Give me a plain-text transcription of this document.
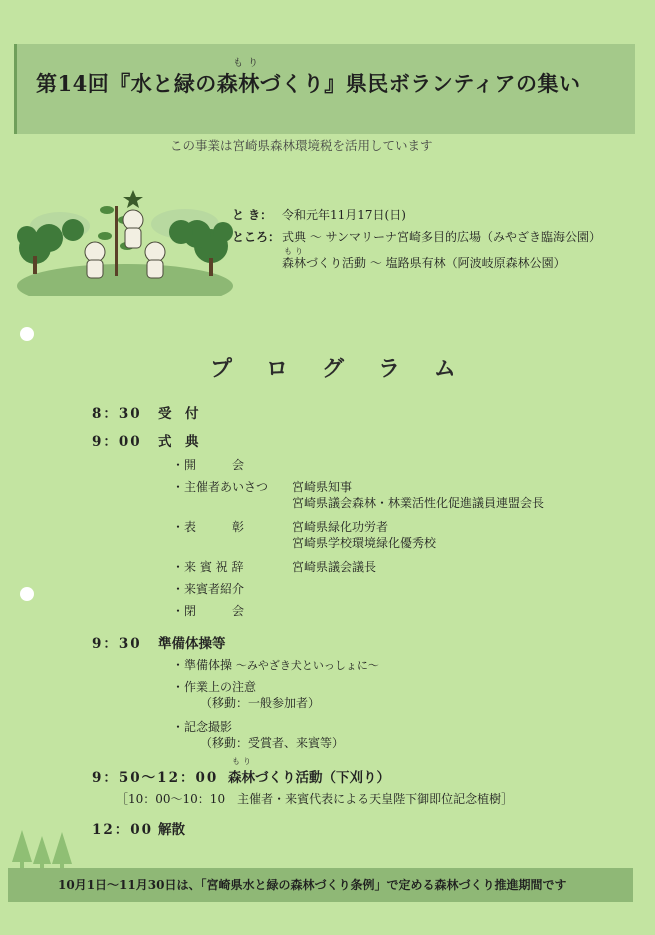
もり
第14回『水と緑の森林づくり』県民ボランティアの集い
この事業は宮崎県森林環境税を活用しています
と き： 令和元年11月17日(日)
ところ： 式典 ～ サンマリーナ宮崎多目的広場（みやざき臨海公園）
もり
森林づくり活動 ～ 塩路県有林（阿波岐原森林公園）
プログラム
8：30 受　付
9：00 式　典
・開　　　会
・主催者あいさつ 宮崎県知事
宮崎県議会森林・林業活性化促進議員連盟会長
・表　　　彰	宮崎県緑化功労者
宮崎県学校環境緑化優秀校
・来 賓 祝 辞	宮崎県議会議長
・来賓者紹介
・閉　　　会
9：30 準備体操等
・準備体操 ～みやざき犬といっしょに～
・作業上の注意
（移動：一般参加者）
・記念撮影
（移動：受賞者、来賓等）
9：50～12：00
もり
森林づくり活動（下刈り）
［10：00～10：10　主催者・来賓代表による天皇陛下御即位記念植樹］
12：00 解散
10月1日～11月30日は、「宮崎県水と緑の森林づくり条例」で定める森林づくり推進期間です
